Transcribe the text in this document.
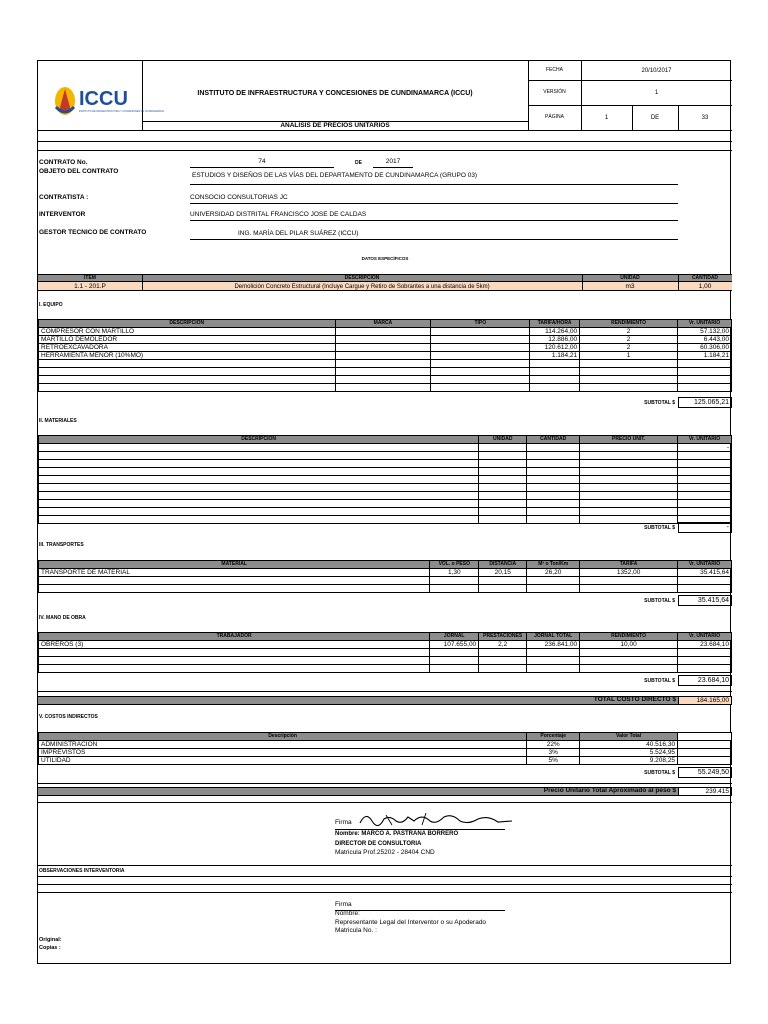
ICCU
INSTITUTO DE INFRAESTRUCTURA Y CONCESIONES DE CUNDINAMARCA
INSTITUTO DE INFRAESTRUCTURA Y CONCESIONES DE CUNDINAMARCA (ICCU)
ANALISIS DE PRECIOS UNITARIOS
FECHA	20/10/2017
VERSIÓN	1
PÁGINA	1	DE	33
CONTRATO No.	74	DE	2017
OBJETO DEL CONTRATO
ESTUDIOS Y DISEÑOS DE LAS VÍAS DEL DEPARTAMENTO DE CUNDINAMARCA (GRUPO 03)
CONTRATISTA :	CONSOCIO CONSULTORIAS JC
INTERVENTOR	UNIVERSIDAD DISTRITAL FRANCISCO JOSE DE CALDAS
GESTOR TECNICO DE CONTRATO	ING. MARÍA DEL PILAR SUÁREZ (ICCU)
DATOS ESPECÍFICOS
ITEM	DESCRIPCIÓN	UNIDAD	CANTIDAD
1.1 - 201.P	Demolición Concreto Estructural (Incluye Cargue y Retiro de Sobrantes a una distancia de 5km)	m3	1,00
I. EQUIPO
DESCRIPCIÓN	MARCA	TIPO	TARIFA/HORA	RENDIMIENTO	Vr. UNITARIO
COMPRESOR CON MARTILLO			114.264,00	2	57.132,00
MARTILLO DEMOLEDOR			12.886,00	2	6.443,00
RETROEXCAVADORA			120.612,00	2	60.306,00
HERRAMIENTA MENOR (10%MO)			1.184,21	1	1.184,21

SUBTOTAL $	125.065,21
II. MATERIALES
DESCRIPCIÓN	UNIDAD	CANTIDAD	PRECIO UNIT.	Vr. UNITARIO
				-

SUBTOTAL $	-
III. TRANSPORTES
MATERIAL	VOL. o PESO	DISTANCIA	M³ o Ton/Km	TARIFA	Vr. UNITARIO
TRANSPORTE DE MATERIAL	1,30	20,15	26,20	1352,00	35.415,64

SUBTOTAL $	35.415,64
IV. MANO DE OBRA
TRABAJADOR	JORNAL	PRESTACIONES	JORNAL TOTAL	RENDIMIENTO	Vr. UNITARIO
OBREROS (3)	107.655,00	2,2	236.841,00	10,00	23.684,10

SUBTOTAL $	23.684,10
TOTAL COSTO DIRECTO $	184.165,00
V. COSTOS INDIRECTOS
Descripción	Porcentaje	Valor Total	
ADMINISTRACION	22%	40.516,30	
IMPREVISTOS	3%	5.524,95	
UTILIDAD	5%	9.208,25	
SUBTOTAL $	55.249,50
Precio Unitario Total Aproximado al peso $	239.415
Firma
Nombre: MARCO A. PASTRANA BORRERO
DIRECTOR DE CONSULTORIA
Matricula Prof.25202 - 28404 CND
OBSERVACIONES INTERVENTORIA
Firma
Nombre:
Representante Legal del Interventor o su Apoderado
Matricula No. :
Original:
Copias :
